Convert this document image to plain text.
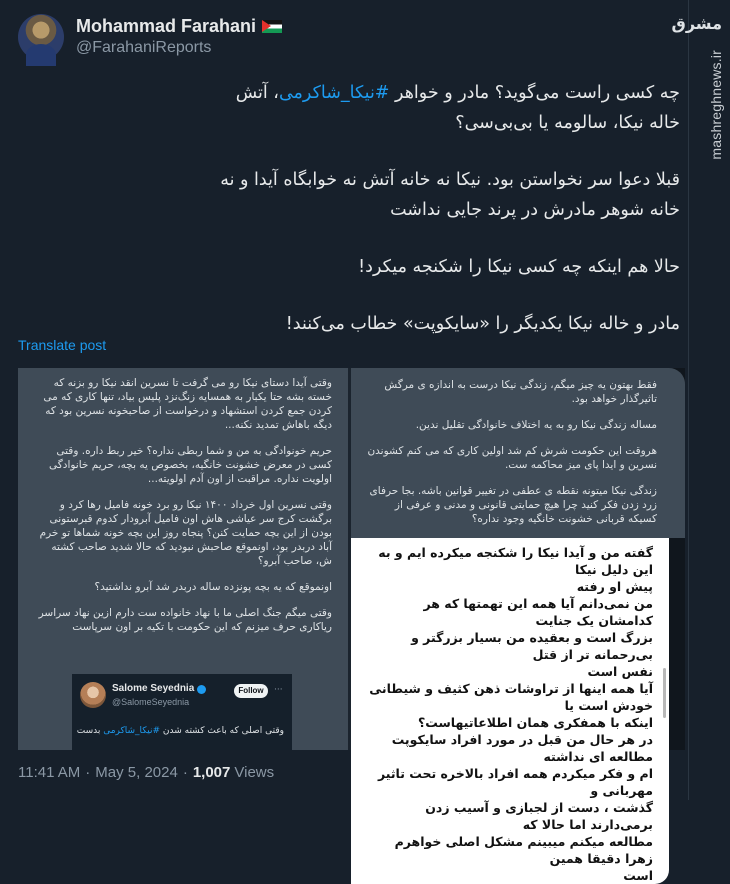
Mohammad Farahani
@FarahaniReports
مشرق
mashreghnews.ir

چه کسی راست می‌گوید؟ مادر و خواهر #نیکا_شاکرمی، آتش خاله نیکا، سالومه یا بی‌بی‌سی؟

قبلا دعوا سر نخواستن بود. نیکا نه خانه آتش نه خوابگاه آیدا و نه خانه شوهر مادرش در پرند جایی نداشت

حالا هم اینکه چه کسی نیکا را شکنجه میکرد!

مادر و خاله نیکا یکدیگر را «سایکوپت» خطاب می‌کنند!

Translate post

وقتی آیدا دستای نیکا رو می گرفت تا نسرین انقد نیکا رو بزنه که خسته بشه حتا یکبار به همسایه زنگ‌نزد پلیس بیاد، تنها کاری که می کردن جمع کردن استشهاد و درخواست از صاحبخونه نسرین بود که دیگه باهاش تمدید نکنه...

حریم خونوادگی به من و شما ربطی نداره؟ خیر ربط داره. وقتی کسی در معرض خشونت خانگیه، بخصوص یه بچه، حریم خانوادگی اولویت نداره. مراقبت از اون آدم اولویته...

وقتی نسرین اول خرداد ۱۴۰۰ نیکا رو برد خونه فامیل رها کرد و برگشت کرج سر عیاشی هاش اون فامیل آبرودار کدوم قبرستونی بودن از این بچه حمایت کنن؟ پنجاه روز این بچه خونه شماها تو خرم آباد دربدر بود، اونموقع صاحبش نبودید که حالا شدید صاحب کشته ش، صاحب آبرو؟

اونموقع که یه بچه پونزده ساله دربدر شد آبرو نداشتید؟

وقتی میگم جنگ اصلی ما با نهاد خانواده ست دارم ازین نهاد سراسر ریاکاری حرف میزنم که این حکومت با تکیه بر اون سرپاست

Salome Seyednia
@SalomeSeyednia
Follow	···
وقتی اصلی که باعث کشته شدن #نیکا_شاکرمی بدست

فقط بهتون یه چیز میگم، زندگی نیکا درست به اندازه ی مرگش تاثیرگذار خواهد بود.

مساله زندگی نیکا رو به یه اختلاف خانوادگی تقلیل ندین.

هروقت این حکومت شرش کم شد اولین کاری که می کنم کشوندن نسرین و ایدا پای میز محاکمه ست.

زندگی نیکا میتونه نقطه ی عطفی در تغییر قوانین باشه. بجا حرفای زرد زدن فکر کنید چرا هیچ حمایتی قانونی و مدنی و عرفی از کسیکه قربانی خشونت خانگیه وجود نداره؟

گفته من و آیدا نیکا را شکنجه میکرده ایم و به این دلیل نیکا

پیش او رفته

من نمی‌دانم آیا همه این تهمتها که هر کدامشان یک جنایت

بزرگ است و بعقیده من بسیار بزرگتر و بی‌رحمانه تر از قتل

نفس است

آیا همه اینها از تراوشات ذهن کثیف و شیطانی خودش است یا

اینکه با همفکری همان اطلاعاتیهاست؟

در هر حال من قبل در مورد افراد سایکوپت مطالعه ای نداشته

ام و فکر میکردم همه افراد بالاخره تحت تاثیر مهربانی و

گذشت ، دست از لجبازی و آسیب زدن برمی‌دارند اما حالا که

مطالعه میکنم میبینم مشکل اصلی خواهرم زهرا دقیقا همین

است

11:41 AM · May 5, 2024 · 1,007 Views
